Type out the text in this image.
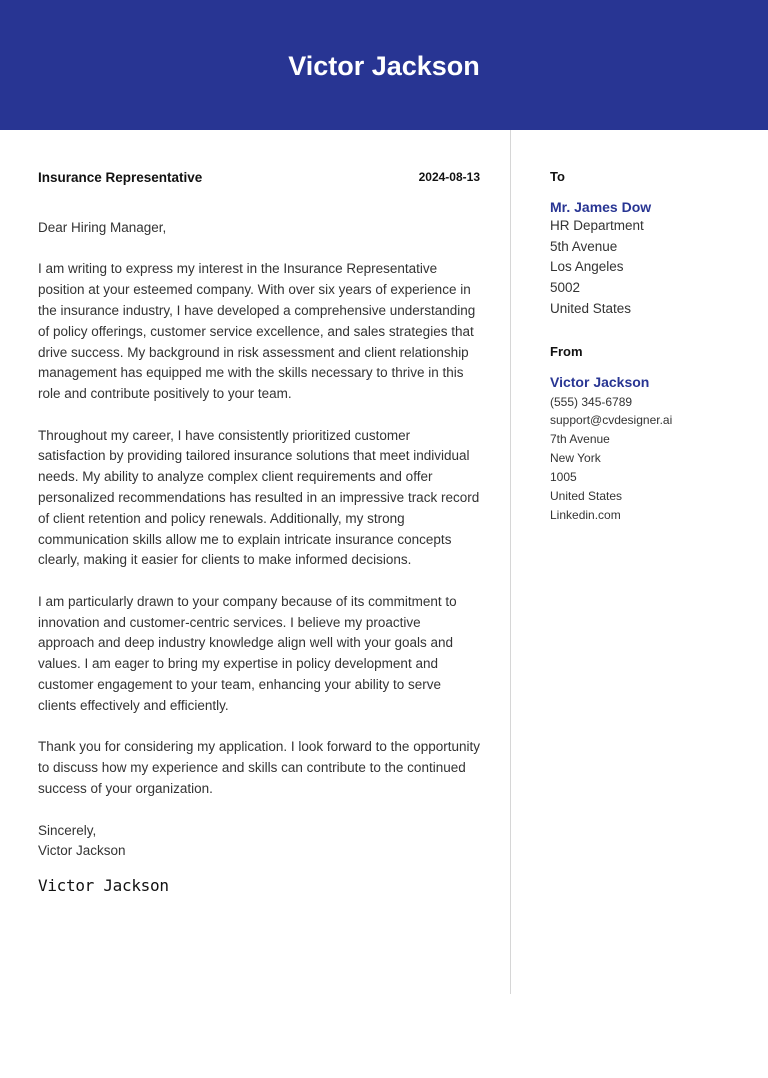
Victor Jackson
Insurance Representative	2024-08-13
Dear Hiring Manager,
I am writing to express my interest in the Insurance Representative position at your esteemed company. With over six years of experience in the insurance industry, I have developed a comprehensive understanding of policy offerings, customer service excellence, and sales strategies that drive success. My background in risk assessment and client relationship management has equipped me with the skills necessary to thrive in this role and contribute positively to your team.
Throughout my career, I have consistently prioritized customer satisfaction by providing tailored insurance solutions that meet individual needs. My ability to analyze complex client requirements and offer personalized recommendations has resulted in an impressive track record of client retention and policy renewals. Additionally, my strong communication skills allow me to explain intricate insurance concepts clearly, making it easier for clients to make informed decisions.
I am particularly drawn to your company because of its commitment to innovation and customer-centric services. I believe my proactive approach and deep industry knowledge align well with your goals and values. I am eager to bring my expertise in policy development and customer engagement to your team, enhancing your ability to serve clients effectively and efficiently.
Thank you for considering my application. I look forward to the opportunity to discuss how my experience and skills can contribute to the continued success of your organization.
Sincerely,
Victor Jackson
Victor Jackson
To
Mr. James Dow
HR Department
5th Avenue
Los Angeles
5002
United States
From
Victor Jackson
(555) 345-6789
support@cvdesigner.ai
7th Avenue
New York
1005
United States
Linkedin.com
